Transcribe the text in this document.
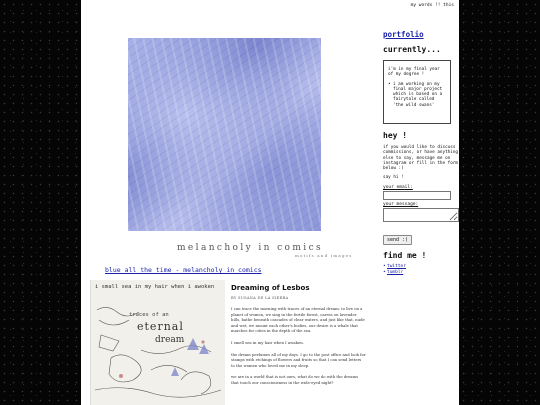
my words !! this
melancholy in comics
motifs and images
blue all the time - melancholy in comics
i small sea in my hair when i awoken
traces of an
eternal
dream
Dreaming of Lesbos
BY SUSANA DE LA SIERRA

I can trace the morning with traces of an eternal dream: to live on a planet of women, we sing in the fertile forest, caress on lavender hills, bathe beneath cascades of clear waters, and just like that, nude and wet, we mount each other's bodies, our desire is a whale that marches for cities in the depth of the sea.

I smell sea in my hair when I awaken.

the dream perfumes all of my days. I go to the post office and look for stamps with etchings of flowers and fruits so that I can send letters to the women who loved me in my sleep.

we are in a world that is not ours, what do we do with the dreams that touch our consciousness in the wide-eyed night?

portfolio
currently...
i'm in my final year of my degree !
• i am working on my final major project which is based on a fairytale called 'the wild swans'
hey !
if you would like to discuss commissions, or have anything else to say, message me on instagram or fill in the form below :)
say hi !
your email:
your message:
send :)
find me !
• twitter
• tumblr
